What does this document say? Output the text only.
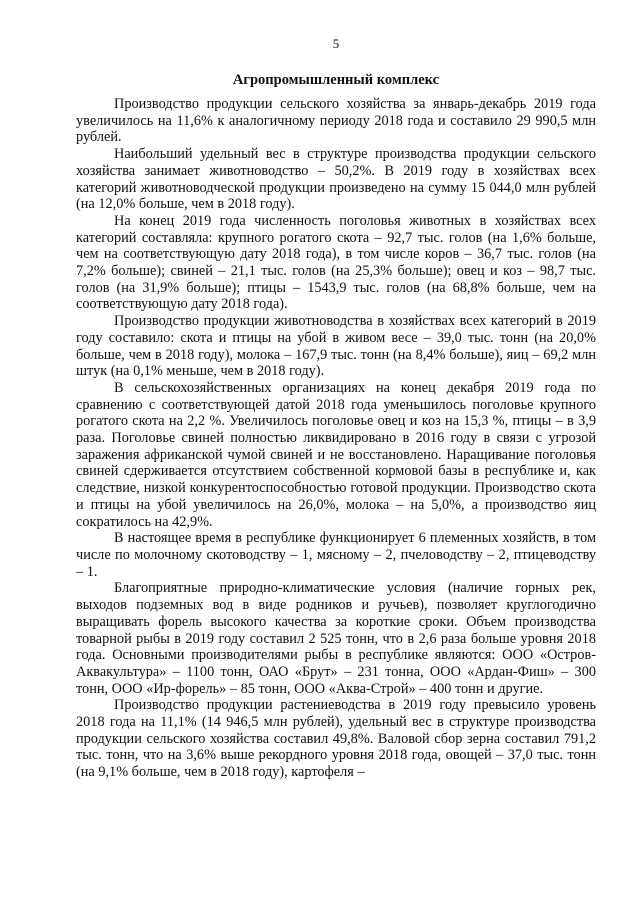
5
Агропромышленный комплекс

Производство продукции сельского хозяйства за январь-декабрь 2019 года увеличилось на 11,6% к аналогичному периоду 2018 года и составило 29 990,5 млн рублей.

Наибольший удельный вес в структуре производства продукции сельского хозяйства занимает животноводство – 50,2%. В 2019 году в хозяйствах всех категорий животноводческой продукции произведено на сумму 15 044,0 млн рублей (на 12,0% больше, чем в 2018 году).

На конец 2019 года численность поголовья животных в хозяйствах всех категорий составляла: крупного рогатого скота – 92,7 тыс. голов (на 1,6% больше, чем на соответствующую дату 2018 года), в том числе коров – 36,7 тыс. голов (на 7,2% больше); свиней – 21,1 тыс. голов (на 25,3% больше); овец и коз – 98,7 тыс. голов (на 31,9% больше); птицы – 1543,9 тыс. голов (на 68,8% больше, чем на соответствующую дату 2018 года).

Производство продукции животноводства в хозяйствах всех категорий в 2019 году составило: скота и птицы на убой в живом весе – 39,0 тыс. тонн (на 20,0% больше, чем в 2018 году), молока – 167,9 тыс. тонн (на 8,4% больше), яиц – 69,2 млн штук (на 0,1% меньше, чем в 2018 году).

В сельскохозяйственных организациях на конец декабря 2019 года по сравнению с соответствующей датой 2018 года уменьшилось поголовье крупного рогатого скота на 2,2 %. Увеличилось поголовье овец и коз на 15,3 %, птицы – в 3,9 раза. Поголовье свиней полностью ликвидировано в 2016 году в связи с угрозой заражения африканской чумой свиней и не восстановлено. Наращивание поголовья свиней сдерживается отсутствием собственной кормовой базы в республике и, как следствие, низкой конкурентоспособностью готовой продукции. Производство скота и птицы на убой увеличилось на 26,0%, молока – на 5,0%, а производство яиц сократилось на 42,9%.

В настоящее время в республике функционирует 6 племенных хозяйств, в том числе по молочному скотоводству – 1, мясному – 2, пчеловодству – 2, птицеводству – 1.

Благоприятные природно-климатические условия (наличие горных рек, выходов подземных вод в виде родников и ручьев), позволяет круглогодично выращивать форель высокого качества за короткие сроки. Объем производства товарной рыбы в 2019 году составил 2 525 тонн, что в 2,6 раза больше уровня 2018 года. Основными производителями рыбы в республике являются: ООО «Остров-Аквакультура» – 1100 тонн, ОАО «Брут» – 231 тонна, ООО «Ардан-Фиш» – 300 тонн, ООО «Ир-форель» – 85 тонн, ООО «Аква-Строй» – 400 тонн и другие.

Производство продукции растениеводства в 2019 году превысило уровень 2018 года на 11,1% (14 946,5 млн рублей), удельный вес в структуре производства продукции сельского хозяйства составил 49,8%. Валовой сбор зерна составил 791,2 тыс. тонн, что на 3,6% выше рекордного уровня 2018 года, овощей – 37,0 тыс. тонн (на 9,1% больше, чем в 2018 году), картофеля –
